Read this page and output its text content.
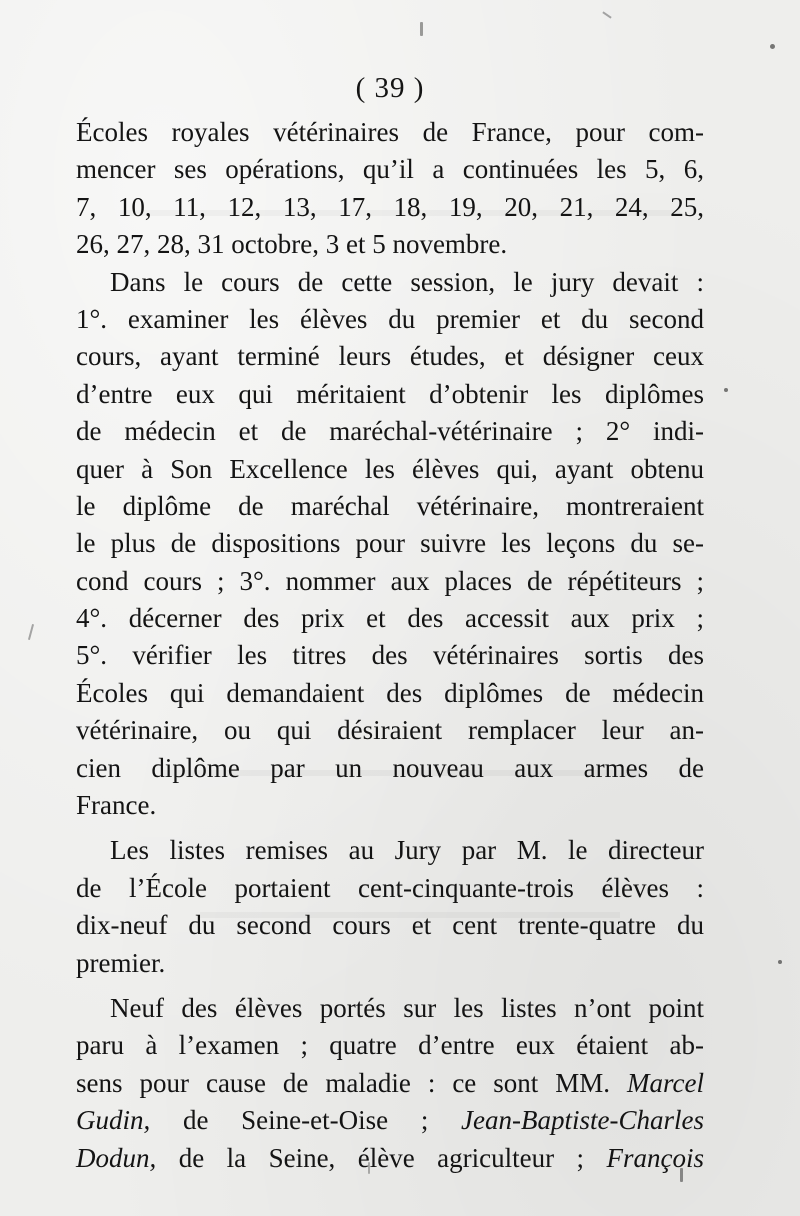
( 39 )
Écoles royales vétérinaires de France, pour com-
mencer ses opérations, qu’il a continuées les 5, 6,
7, 10, 11, 12, 13, 17, 18, 19, 20, 21, 24, 25,
26, 27, 28, 31 octobre, 3 et 5 novembre.
Dans le cours de cette session, le jury devait :
1°. examiner les élèves du premier et du second
cours, ayant terminé leurs études, et désigner ceux
d’entre eux qui méritaient d’obtenir les diplômes
de médecin et de maréchal-vétérinaire ; 2° indi-
quer à Son Excellence les élèves qui, ayant obtenu
le diplôme de maréchal vétérinaire, montreraient
le plus de dispositions pour suivre les leçons du se-
cond cours ; 3°. nommer aux places de répétiteurs ;
4°. décerner des prix et des accessit aux prix ;
5°. vérifier les titres des vétérinaires sortis des
Écoles qui demandaient des diplômes de médecin
vétérinaire, ou qui désiraient remplacer leur an-
cien diplôme par un nouveau aux armes de
France.
Les listes remises au Jury par M. le directeur
de l’École portaient cent-cinquante-trois élèves :
dix-neuf du second cours et cent trente-quatre du
premier.
Neuf des élèves portés sur les listes n’ont point
paru à l’examen ; quatre d’entre eux étaient ab-
sens pour cause de maladie : ce sont MM. Marcel
Gudin, de Seine-et-Oise ; Jean-Baptiste-Charles
Dodun, de la Seine, élève agriculteur ; François
